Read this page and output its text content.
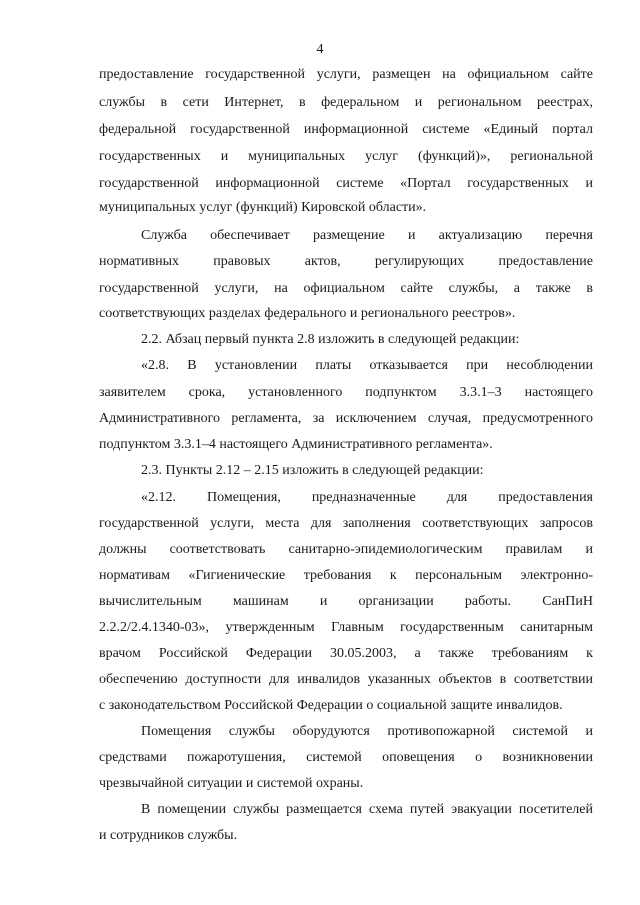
4
предоставление государственной услуги, размещен на официальном сайте
службы в сети Интернет, в федеральном и региональном реестрах,
федеральной государственной информационной системе «Единый портал
государственных и муниципальных услуг (функций)», региональной
государственной информационной системе «Портал государственных и
муниципальных услуг (функций) Кировской области».
Служба обеспечивает размещение и актуализацию перечня
нормативных правовых актов, регулирующих предоставление
государственной услуги, на официальном сайте службы, а также в
соответствующих разделах федерального и регионального реестров».
2.2. Абзац первый пункта 2.8 изложить в следующей редакции:
«2.8. В установлении платы отказывается при несоблюдении
заявителем срока, установленного подпунктом 3.3.1–3 настоящего
Административного регламента, за исключением случая, предусмотренного
подпунктом 3.3.1–4 настоящего Административного регламента».
2.3. Пункты 2.12 – 2.15 изложить в следующей редакции:
«2.12. Помещения, предназначенные для предоставления
государственной услуги, места для заполнения соответствующих запросов
должны соответствовать санитарно-эпидемиологическим правилам и
нормативам «Гигиенические требования к персональным электронно-
вычислительным машинам и организации работы. СанПиН
2.2.2/2.4.1340-03», утвержденным Главным государственным санитарным
врачом Российской Федерации 30.05.2003, а также требованиям к
обеспечению доступности для инвалидов указанных объектов в соответствии
с законодательством Российской Федерации о социальной защите инвалидов.
Помещения службы оборудуются противопожарной системой и
средствами пожаротушения, системой оповещения о возникновении
чрезвычайной ситуации и системой охраны.
В помещении службы размещается схема путей эвакуации посетителей
и сотрудников службы.
